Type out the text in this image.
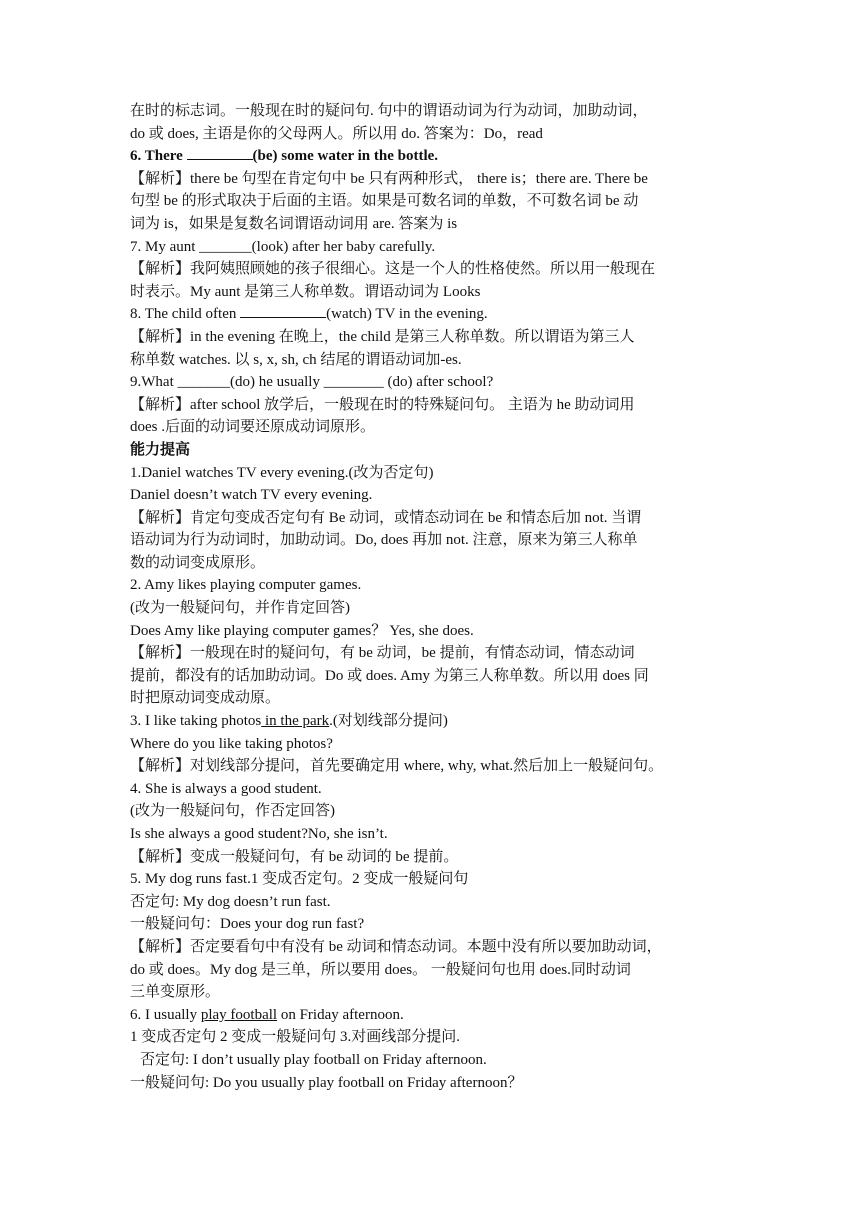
在时的标志词。一般现在时的疑问句. 句中的谓语动词为行为动词，加助动词，
do 或 does, 主语是你的父母两人。所以用 do. 答案为：Do，read
6. There	(be) some water in the bottle.
【解析】there be 句型在肯定句中 be 只有两种形式， there is；there are. There be
句型 be 的形式取决于后面的主语。如果是可数名词的单数，不可数名词 be 动
词为 is，如果是复数名词谓语动词用 are. 答案为 is
7. My aunt _______(look) after her baby carefully.
【解析】我阿姨照顾她的孩子很细心。这是一个人的性格使然。所以用一般现在
时表示。My aunt 是第三人称单数。谓语动词为 Looks
8. The child often	(watch) TV in the evening.
【解析】in the evening 在晚上，the child 是第三人称单数。所以谓语为第三人
称单数 watches. 以 s, x, sh, ch 结尾的谓语动词加-es.
9.What _______(do) he usually ________ (do) after school?
【解析】after school 放学后，一般现在时的特殊疑问句。 主语为 he 助动词用
does .后面的动词要还原成动词原形。
能力提高
1.Daniel watches TV every evening.(改为否定句)
Daniel doesn’t watch TV every evening.
【解析】肯定句变成否定句有 Be 动词，或情态动词在 be 和情态后加 not. 当谓
语动词为行为动词时，加助动词。Do, does 再加 not. 注意，原来为第三人称单
数的动词变成原形。
2. Amy likes playing computer games.
(改为一般疑问句，并作肯定回答)
Does Amy like playing computer games？ Yes, she does.
【解析】一般现在时的疑问句，有 be 动词，be 提前，有情态动词，情态动词
提前，都没有的话加助动词。Do 或 does. Amy 为第三人称单数。所以用 does 同
时把原动词变成动原。
3. I like taking photos in the park.(对划线部分提问)
Where do you like taking photos?
【解析】对划线部分提问，首先要确定用 where, why, what.然后加上一般疑问句。
4. She is always a good student.
(改为一般疑问句，作否定回答)
Is she always a good student?No, she isn’t.
【解析】变成一般疑问句，有 be 动词的 be 提前。
5. My dog runs fast.1 变成否定句。2 变成一般疑问句
否定句: My dog doesn’t run fast.
一般疑问句：Does your dog run fast?
【解析】否定要看句中有没有 be 动词和情态动词。本题中没有所以要加助动词，
do 或 does。My dog 是三单，所以要用 does。 一般疑问句也用 does.同时动词
三单变原形。
6. I usually play football on Friday afternoon.
1 变成否定句 2 变成一般疑问句 3.对画线部分提问.
否定句: I don’t usually play football on Friday afternoon.
一般疑问句: Do you usually play football on Friday afternoon？
